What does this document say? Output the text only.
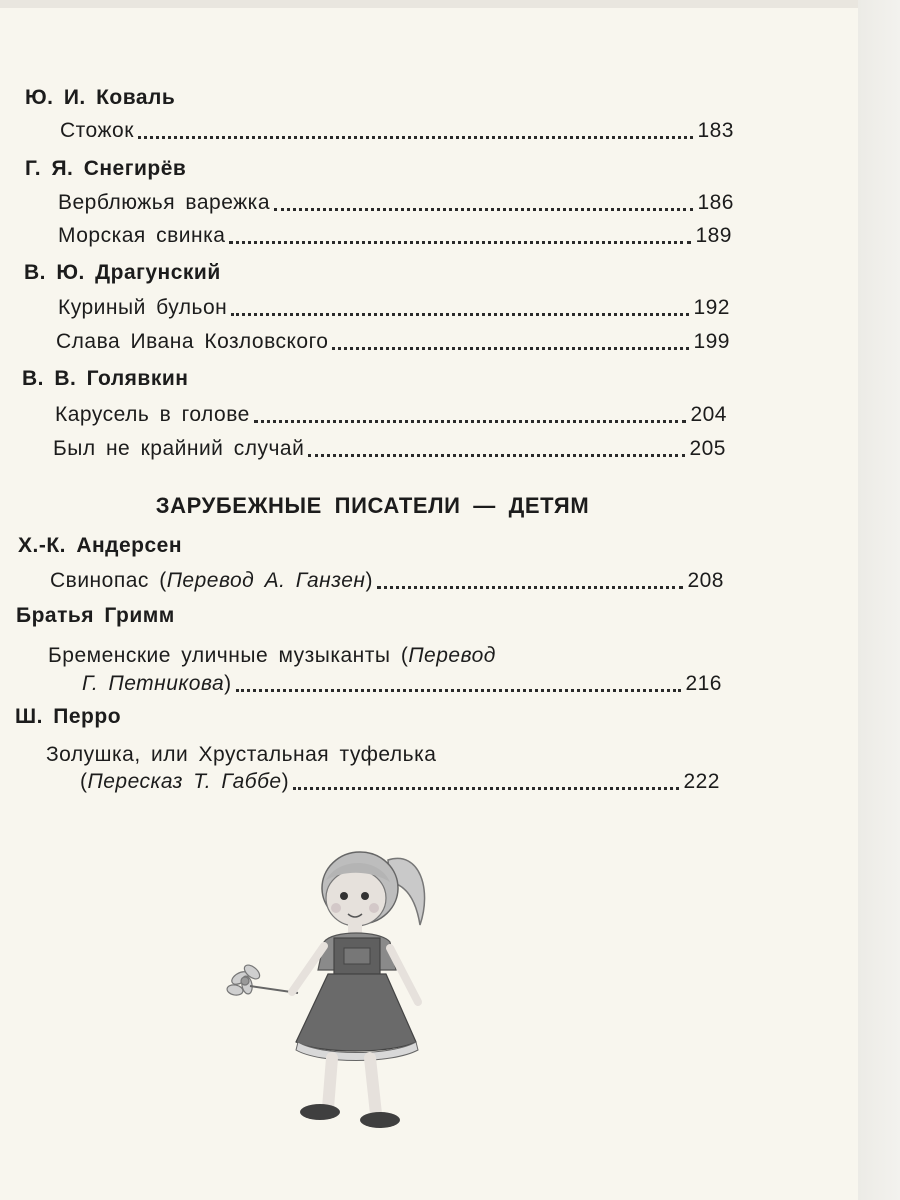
Ю. И. Коваль
Стожок	183
Г. Я. Снегирёв
Верблюжья варежка	186
Морская свинка	189
В. Ю. Драгунский
Куриный бульон	192
Слава Ивана Козловского	199
В. В. Голявкин
Карусель в голове	204
Был не крайний случай	205
ЗАРУБЕЖНЫЕ ПИСАТЕЛИ — ДЕТЯМ
Х.-К. Андерсен
Свинопас (Перевод А. Ганзен)	208
Братья Гримм
Бременские уличные музыканты (Перевод
Г. Петникова)	216
Ш. Перро
Золушка, или Хрустальная туфелька
(Пересказ Т. Габбе)	222
